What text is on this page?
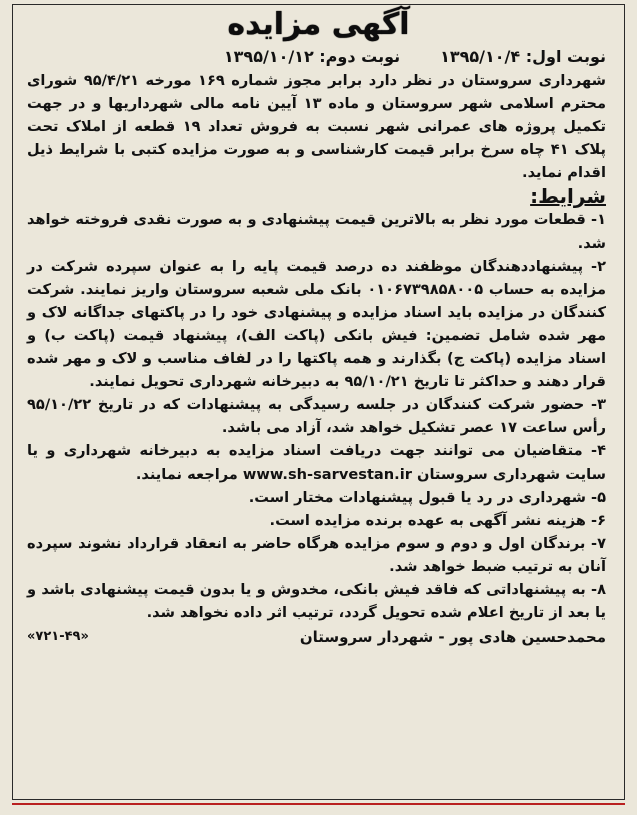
آگهی مزایده
نوبت اول: ۱۳۹۵/۱۰/۴
نوبت دوم: ۱۳۹۵/۱۰/۱۲

شهرداری سروستان در نظر دارد برابر مجوز شماره ۱۶۹ مورخه ۹۵/۴/۲۱ شورای محترم اسلامی شهر سروستان و ماده ۱۳ آیین نامه مالی شهرداریها و در جهت تکمیل پروژه های عمرانی شهر نسبت به فروش تعداد ۱۹ قطعه از املاک تحت پلاک ۴۱ چاه سرخ برابر قیمت کارشناسی و به صورت مزایده کتبی با شرایط ذیل اقدام نماید.

شرایط:

۱- قطعات مورد نظر به بالاترین قیمت پیشنهادی و به صورت نقدی فروخته خواهد شد.

۲- پیشنهاددهندگان موظفند ده درصد قیمت پایه را به عنوان سپرده شرکت در مزایده به حساب ۰۱۰۶۷۳۹۸۵۸۰۰۵ بانک ملی شعبه سروستان واریز نمایند. شرکت کنندگان در مزایده باید اسناد مزایده و پیشنهادی خود را در پاکتهای جداگانه لاک و مهر شده شامل تضمین: فیش بانکی (پاکت الف)، پیشنهاد قیمت (پاکت ب) و اسناد مزایده (پاکت ج) بگذارند و همه پاکتها را در لفاف مناسب و لاک و مهر شده قرار دهند و حداکثر تا تاریخ ۹۵/۱۰/۲۱ به دبیرخانه شهرداری تحویل نمایند.

۳- حضور شرکت کنندگان در جلسه رسیدگی به پیشنهادات که در تاریخ ۹۵/۱۰/۲۲ رأس ساعت ۱۷ عصر تشکیل خواهد شد، آزاد می باشد.

۴- متقاضیان می توانند جهت دریافت اسناد مزایده به دبیرخانه شهرداری و یا سایت شهرداری سروستان www.sh-sarvestan.ir مراجعه نمایند.

۵- شهرداری در رد یا قبول پیشنهادات مختار است.

۶- هزینه نشر آگهی به عهده برنده مزایده است.

۷- برندگان اول و دوم و سوم مزایده هرگاه حاضر به انعقاد قرارداد نشوند سپرده آنان به ترتیب ضبط خواهد شد.

۸- به پیشنهاداتی که فاقد فیش بانکی، مخدوش و یا بدون قیمت پیشنهادی باشد و یا بعد از تاریخ اعلام شده تحویل گردد، ترتیب اثر داده نخواهد شد.

محمدحسین هادی پور - شهردار سروستان
«۷۲۱-۴۹»
